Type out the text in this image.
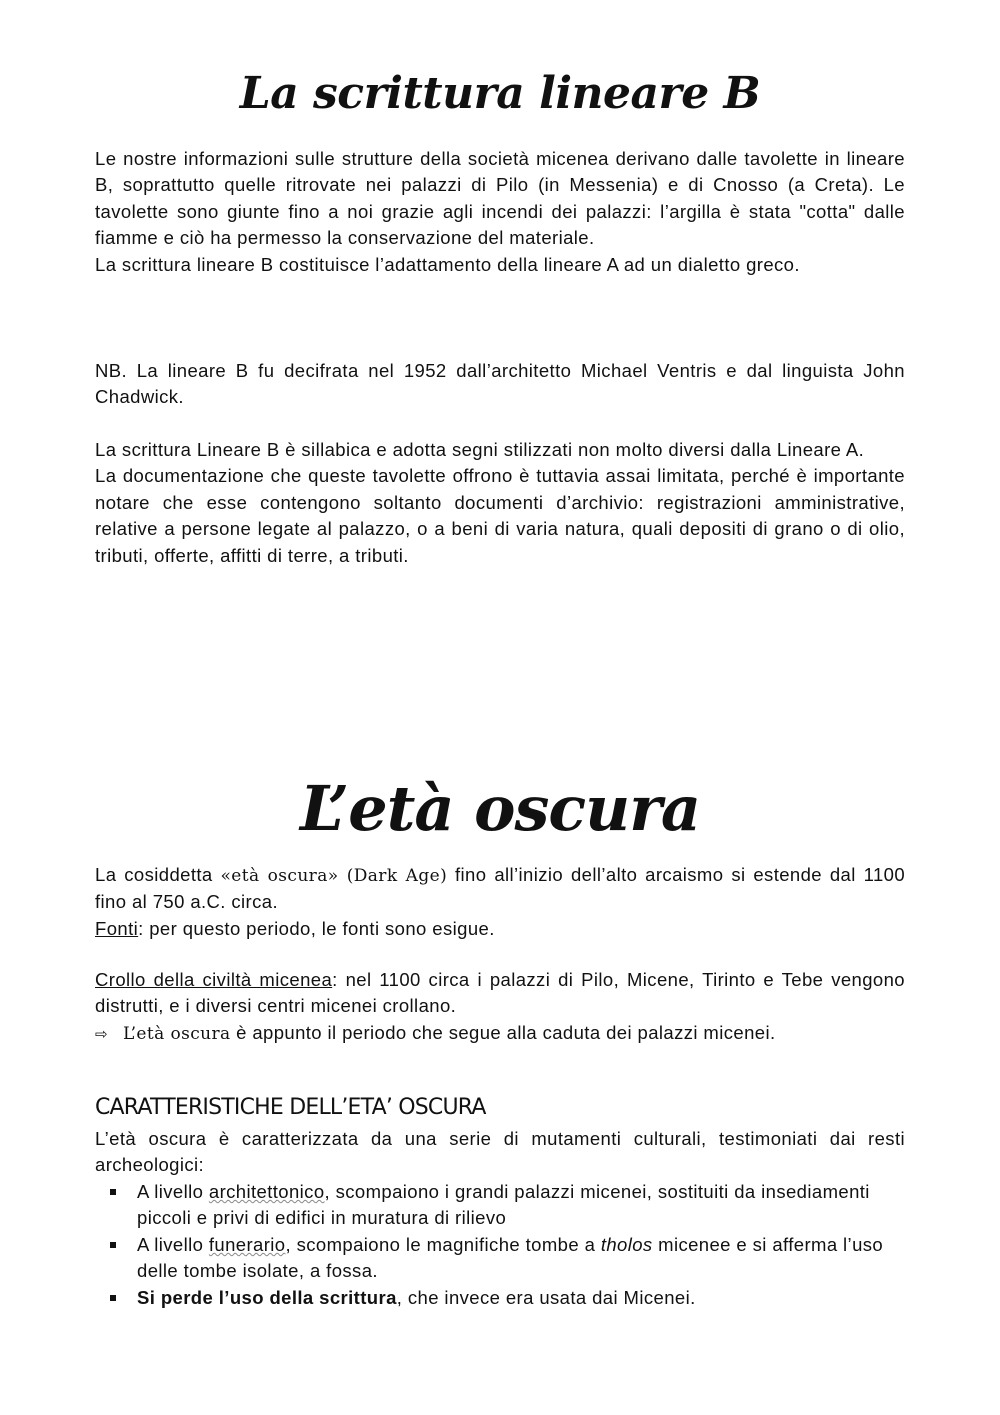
La scrittura lineare B

Le nostre informazioni sulle strutture della società micenea derivano dalle tavolette in lineare B, soprattutto quelle ritrovate nei palazzi di Pilo (in Messenia) e di Cnosso (a Creta). Le tavolette sono giunte fino a noi grazie agli incendi dei palazzi: l’argilla è stata "cotta" dalle fiamme e ciò ha permesso la conservazione del materiale.

La scrittura lineare B costituisce l’adattamento della lineare A ad un dialetto greco.

NB. La lineare B fu decifrata nel 1952 dall’architetto Michael Ventris e dal linguista John Chadwick.

La scrittura Lineare B è sillabica e adotta segni stilizzati non molto diversi dalla Lineare A.

La documentazione che queste tavolette offrono è tuttavia assai limitata, perché è importante notare che esse contengono soltanto documenti d’archivio: registrazioni amministrative, relative a persone legate al palazzo, o a beni di varia natura, quali depositi di grano o di olio, tributi, offerte, affitti di terre, a tributi.

L’età oscura

La cosiddetta «età oscura» (Dark Age) fino all’inizio dell’alto arcaismo si estende dal 1100 fino al 750 a.C. circa.

Fonti: per questo periodo, le fonti sono esigue.

Crollo della civiltà micenea: nel 1100 circa i palazzi di Pilo, Micene, Tirinto e Tebe vengono distrutti, e i diversi centri micenei crollano.

⇨ L’età oscura è appunto il periodo che segue alla caduta dei palazzi micenei.

CARATTERISTICHE DELL’ETA’ OSCURA

L’età oscura è caratterizzata da una serie di mutamenti culturali, testimoniati dai resti archeologici:

A livello architettonico, scompaiono i grandi palazzi micenei, sostituiti da insediamenti piccoli e privi di edifici in muratura di rilievo
A livello funerario, scompaiono le magnifiche tombe a tholos micenee e si afferma l’uso delle tombe isolate, a fossa.
Si perde l’uso della scrittura, che invece era usata dai Micenei.
